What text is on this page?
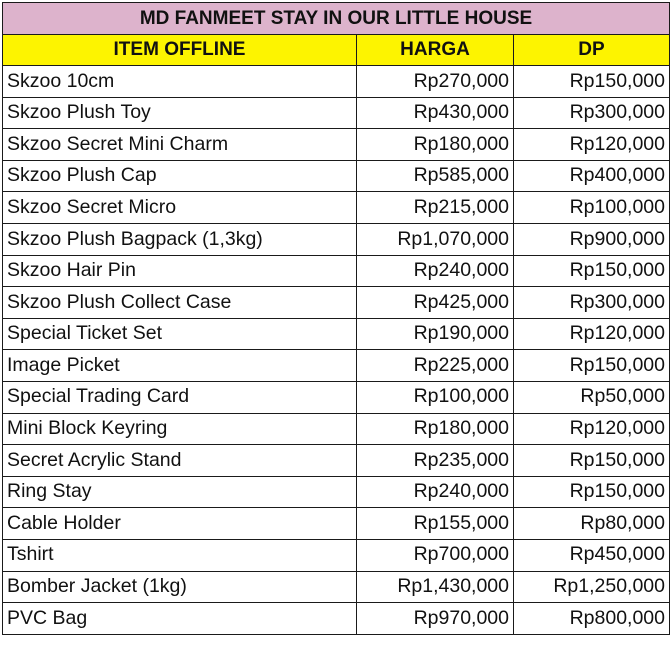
MD FANMEET STAY IN OUR LITTLE HOUSE		
ITEM OFFLINE	HARGA	DP
Skzoo 10cm	Rp270,000	Rp150,000
Skzoo Plush Toy	Rp430,000	Rp300,000
Skzoo Secret Mini Charm	Rp180,000	Rp120,000
Skzoo Plush Cap	Rp585,000	Rp400,000
Skzoo Secret Micro	Rp215,000	Rp100,000
Skzoo Plush Bagpack (1,3kg)	Rp1,070,000	Rp900,000
Skzoo Hair Pin	Rp240,000	Rp150,000
Skzoo Plush Collect Case	Rp425,000	Rp300,000
Special Ticket Set	Rp190,000	Rp120,000
Image Picket	Rp225,000	Rp150,000
Special Trading Card	Rp100,000	Rp50,000
Mini Block Keyring	Rp180,000	Rp120,000
Secret Acrylic Stand	Rp235,000	Rp150,000
Ring Stay	Rp240,000	Rp150,000
Cable Holder	Rp155,000	Rp80,000
Tshirt	Rp700,000	Rp450,000
Bomber Jacket (1kg)	Rp1,430,000	Rp1,250,000
PVC Bag	Rp970,000	Rp800,000
